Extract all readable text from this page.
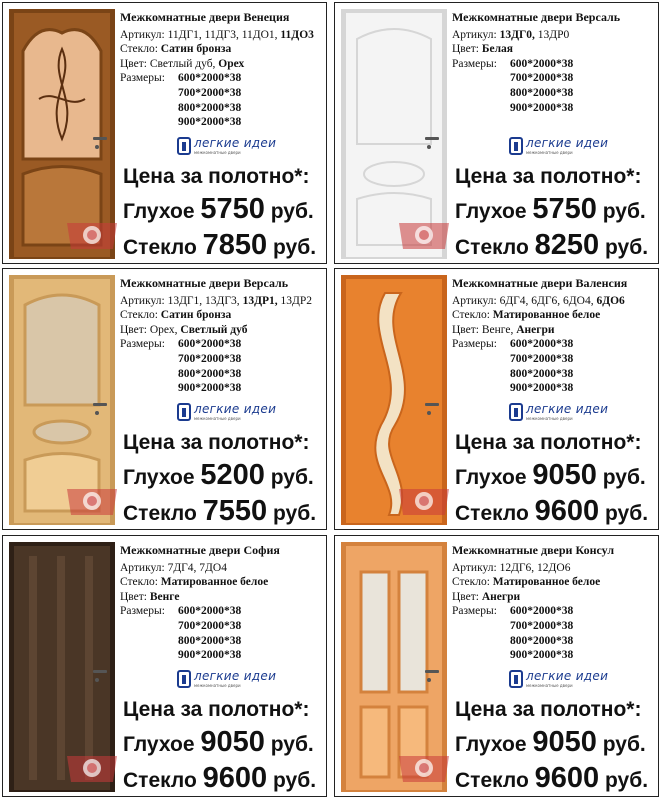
Межкомнатные двери Венеция
Артикул: 11ДГ1, 11ДГ3, 11ДО1, 11ДО3
Стекло: Сатин бронза
Цвет: Светлый дуб, Орех
Размеры:	600*2000*38
700*2000*38
800*2000*38
900*2000*38
легкие идеи
межкомнатные двери
Цена за полотно*:
Глухое 5750 руб.
Стекло 7850 руб.
Межкомнатные двери Версаль
Артикул: 13ДГ0, 13ДР0
Цвет: Белая
Размеры:	600*2000*38
700*2000*38
800*2000*38
900*2000*38
легкие идеи
межкомнатные двери
Цена за полотно*:
Глухое 5750 руб.
Стекло 8250 руб.
Межкомнатные двери Версаль
Артикул: 13ДГ1, 13ДГ3, 13ДР1, 13ДР2
Стекло: Сатин бронза
Цвет: Орех, Светлый дуб
Размеры:	600*2000*38
700*2000*38
800*2000*38
900*2000*38
легкие идеи
межкомнатные двери
Цена за полотно*:
Глухое 5200 руб.
Стекло 7550 руб.
Межкомнатные двери Валенсия
Артикул: 6ДГ4, 6ДГ6, 6ДО4, 6ДО6
Стекло: Матированное белое
Цвет: Венге, Анегри
Размеры:	600*2000*38
700*2000*38
800*2000*38
900*2000*38
легкие идеи
межкомнатные двери
Цена за полотно*:
Глухое 9050 руб.
Стекло 9600 руб.
Межкомнатные двери София
Артикул: 7ДГ4, 7ДО4
Стекло: Матированное белое
Цвет: Венге
Размеры:	600*2000*38
700*2000*38
800*2000*38
900*2000*38
легкие идеи
межкомнатные двери
Цена за полотно*:
Глухое 9050 руб.
Стекло 9600 руб.
Межкомнатные двери Консул
Артикул: 12ДГ6, 12ДО6
Стекло: Матированное белое
Цвет: Анегри
Размеры:	600*2000*38
700*2000*38
800*2000*38
900*2000*38
легкие идеи
межкомнатные двери
Цена за полотно*:
Глухое 9050 руб.
Стекло 9600 руб.
